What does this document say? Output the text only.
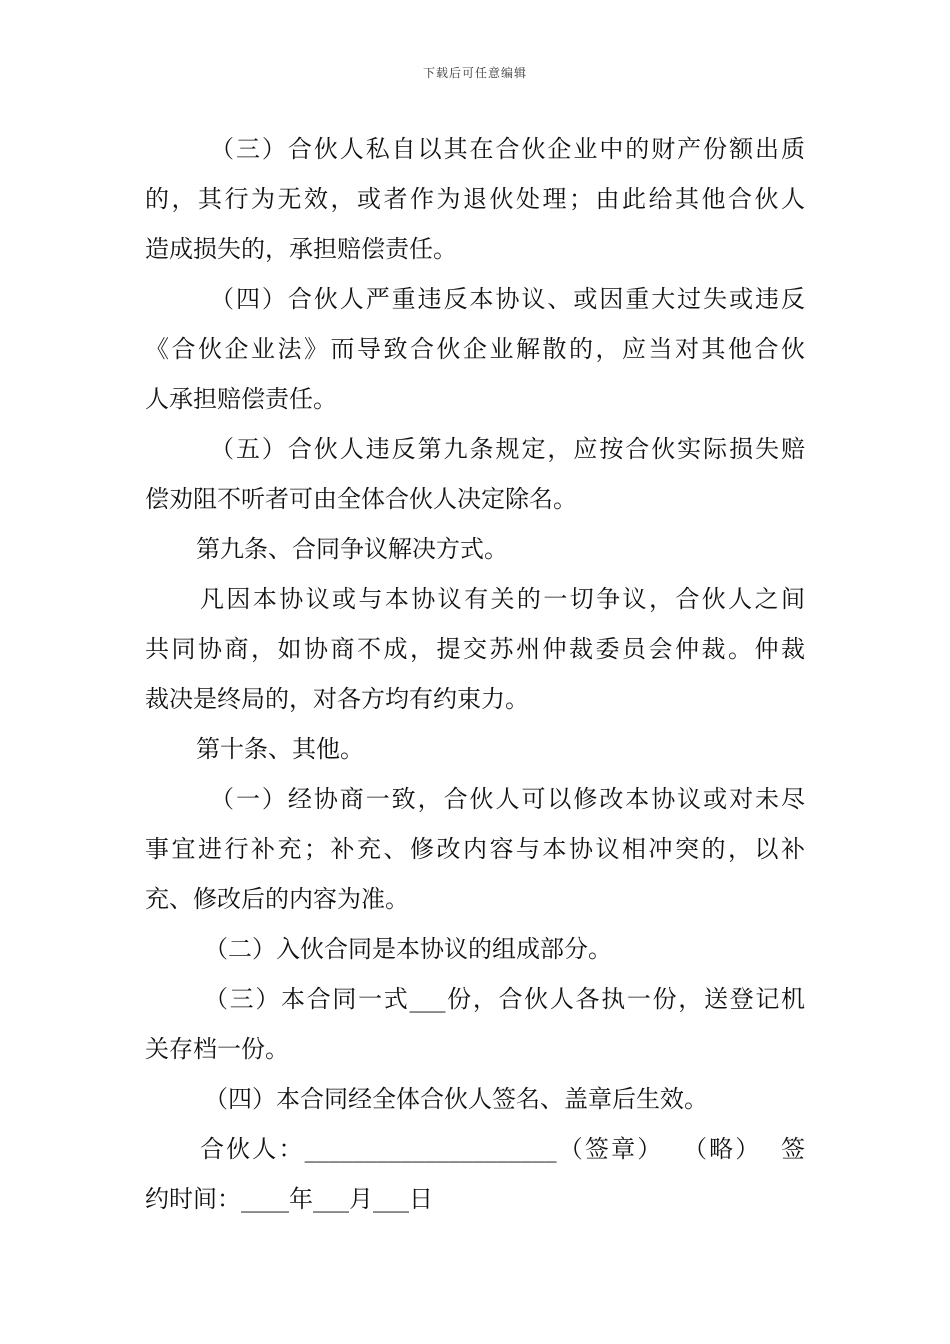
下载后可任意编辑
（三）合伙人私自以其在合伙企业中的财产份额出质
的，其行为无效，或者作为退伙处理；由此给其他合伙人
造成损失的，承担赔偿责任。
（四）合伙人严重违反本协议、或因重大过失或违反
《合伙企业法》而导致合伙企业解散的，应当对其他合伙
人承担赔偿责任。
（五）合伙人违反第九条规定，应按合伙实际损失赔
偿劝阻不听者可由全体合伙人决定除名。
第九条、合同争议解决方式。
凡因本协议或与本协议有关的一切争议，合伙人之间
共同协商，如协商不成，提交苏州仲裁委员会仲裁。仲裁
裁决是终局的，对各方均有约束力。
第十条、其他。
（一）经协商一致，合伙人可以修改本协议或对未尽
事宜进行补充；补充、修改内容与本协议相冲突的，以补
充、修改后的内容为准。
（二）入伙合同是本协议的组成部分。
（三）本合同一式___份，合伙人各执一份，送登记机
关存档一份。
（四）本合同经全体合伙人签名、盖章后生效。
合伙人：_____________________（签章）  （略）  签
约时间：____年___月___日
